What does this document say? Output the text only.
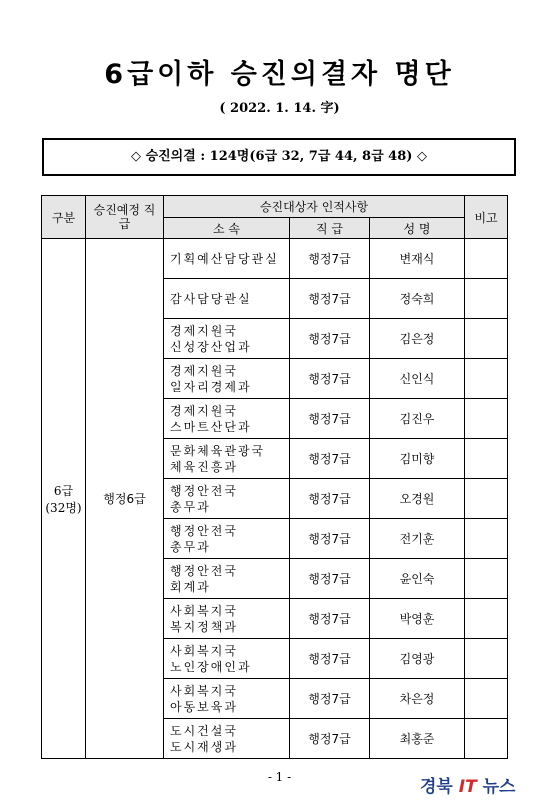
6급이하 승진의결자 명단
( 2022. 1. 14. 字)
◇ 승진의결 : 124명(6급 32, 7급 44, 8급 48) ◇
구분	승진예정 직 급	승진대상자 인적사항			비고
		소 속	직 급	성 명	
6급 (32명)	행정6급	기획예산담당관실	행정7급	변재식	

		감사담당관실	행정7급	정숙희	

		경제지원국
신성장산업과	행정7급	김은정	

		경제지원국
일자리경제과	행정7급	신인식	

		경제지원국
스마트산단과	행정7급	김진우	

		문화체육관광국
체육진흥과	행정7급	김미향	

		행정안전국
총무과	행정7급	오경원	

		행정안전국
총무과	행정7급	전기훈	

		행정안전국
회계과	행정7급	윤인숙	

		사회복지국
복지정책과	행정7급	박영훈	

		사회복지국
노인장애인과	행정7급	김영광	

		사회복지국
아동보육과	행정7급	차은정	

		도시건설국
도시재생과	행정7급	최홍준	
- 1 -	경북 IT 뉴스
